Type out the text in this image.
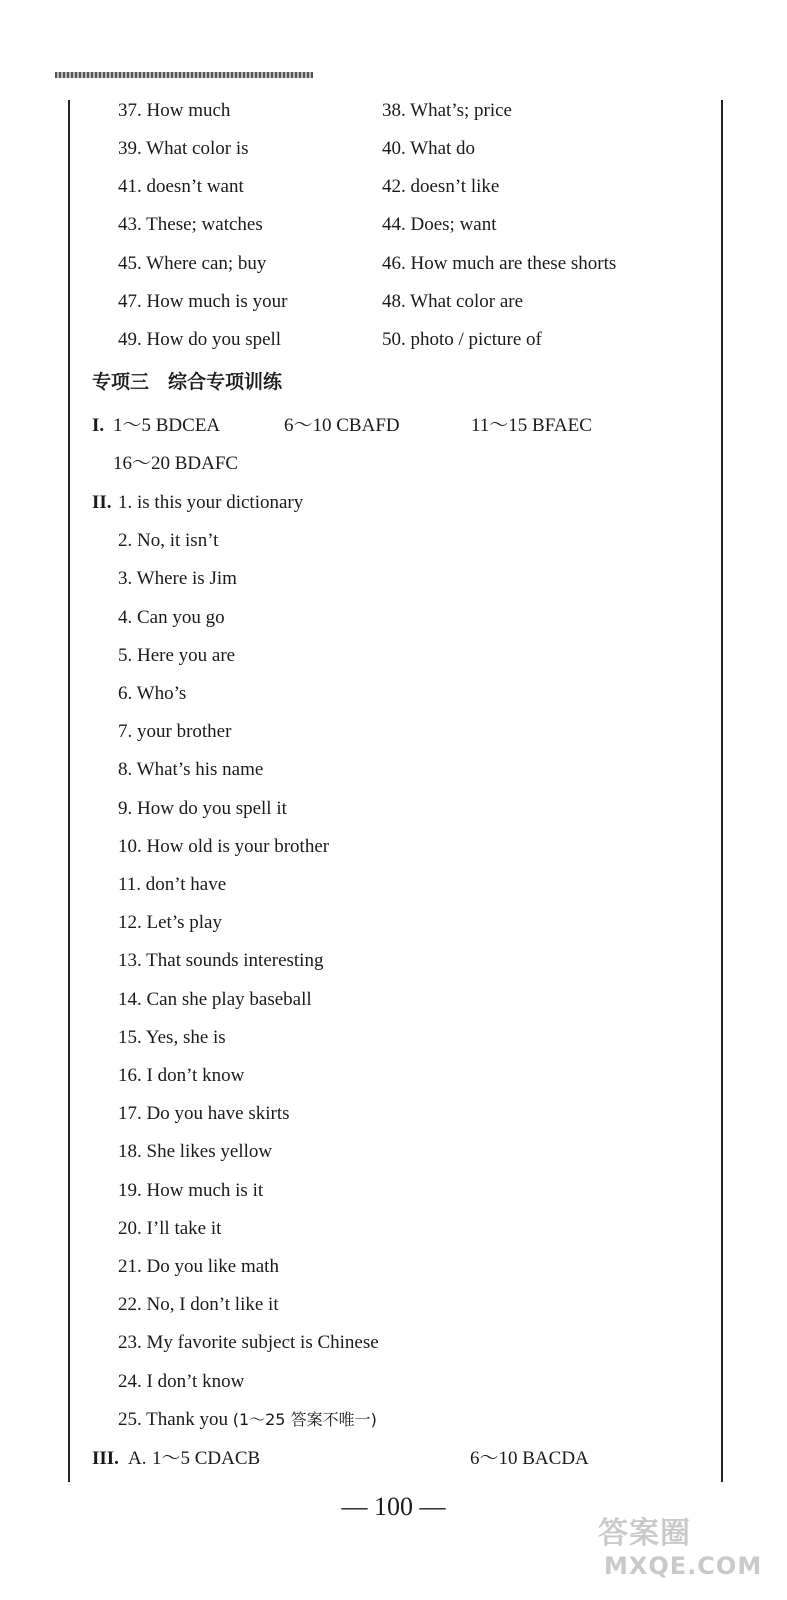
37. How much	38. What’s; price
39. What color is	40. What do
41. doesn’t want	42. doesn’t like
43. These; watches	44. Does; want
45. Where can; buy	46. How much are these shorts
47. How much is your	48. What color are
49. How do you spell	50. photo / picture of
专项三　综合专项训练
I. 1～5 BDCEA	6～10 CBAFD	11～15 BFAEC
16～20 BDAFC
II. 1. is this your dictionary
2. No, it isn’t
3. Where is Jim
4. Can you go
5. Here you are
6. Who’s
7. your brother
8. What’s his name
9. How do you spell it
10. How old is your brother
11. don’t have
12. Let’s play
13. That sounds interesting
14. Can she play baseball
15. Yes, she is
16. I don’t know
17. Do you have skirts
18. She likes yellow
19. How much is it
20. I’ll take it
21. Do you like math
22. No, I don’t like it
23. My favorite subject is Chinese
24. I don’t know
25. Thank you (1～25 答案不唯一)
III. A. 1～5 CDACB	6～10 BACDA
— 100 —
答案圈
MXQE.COM
